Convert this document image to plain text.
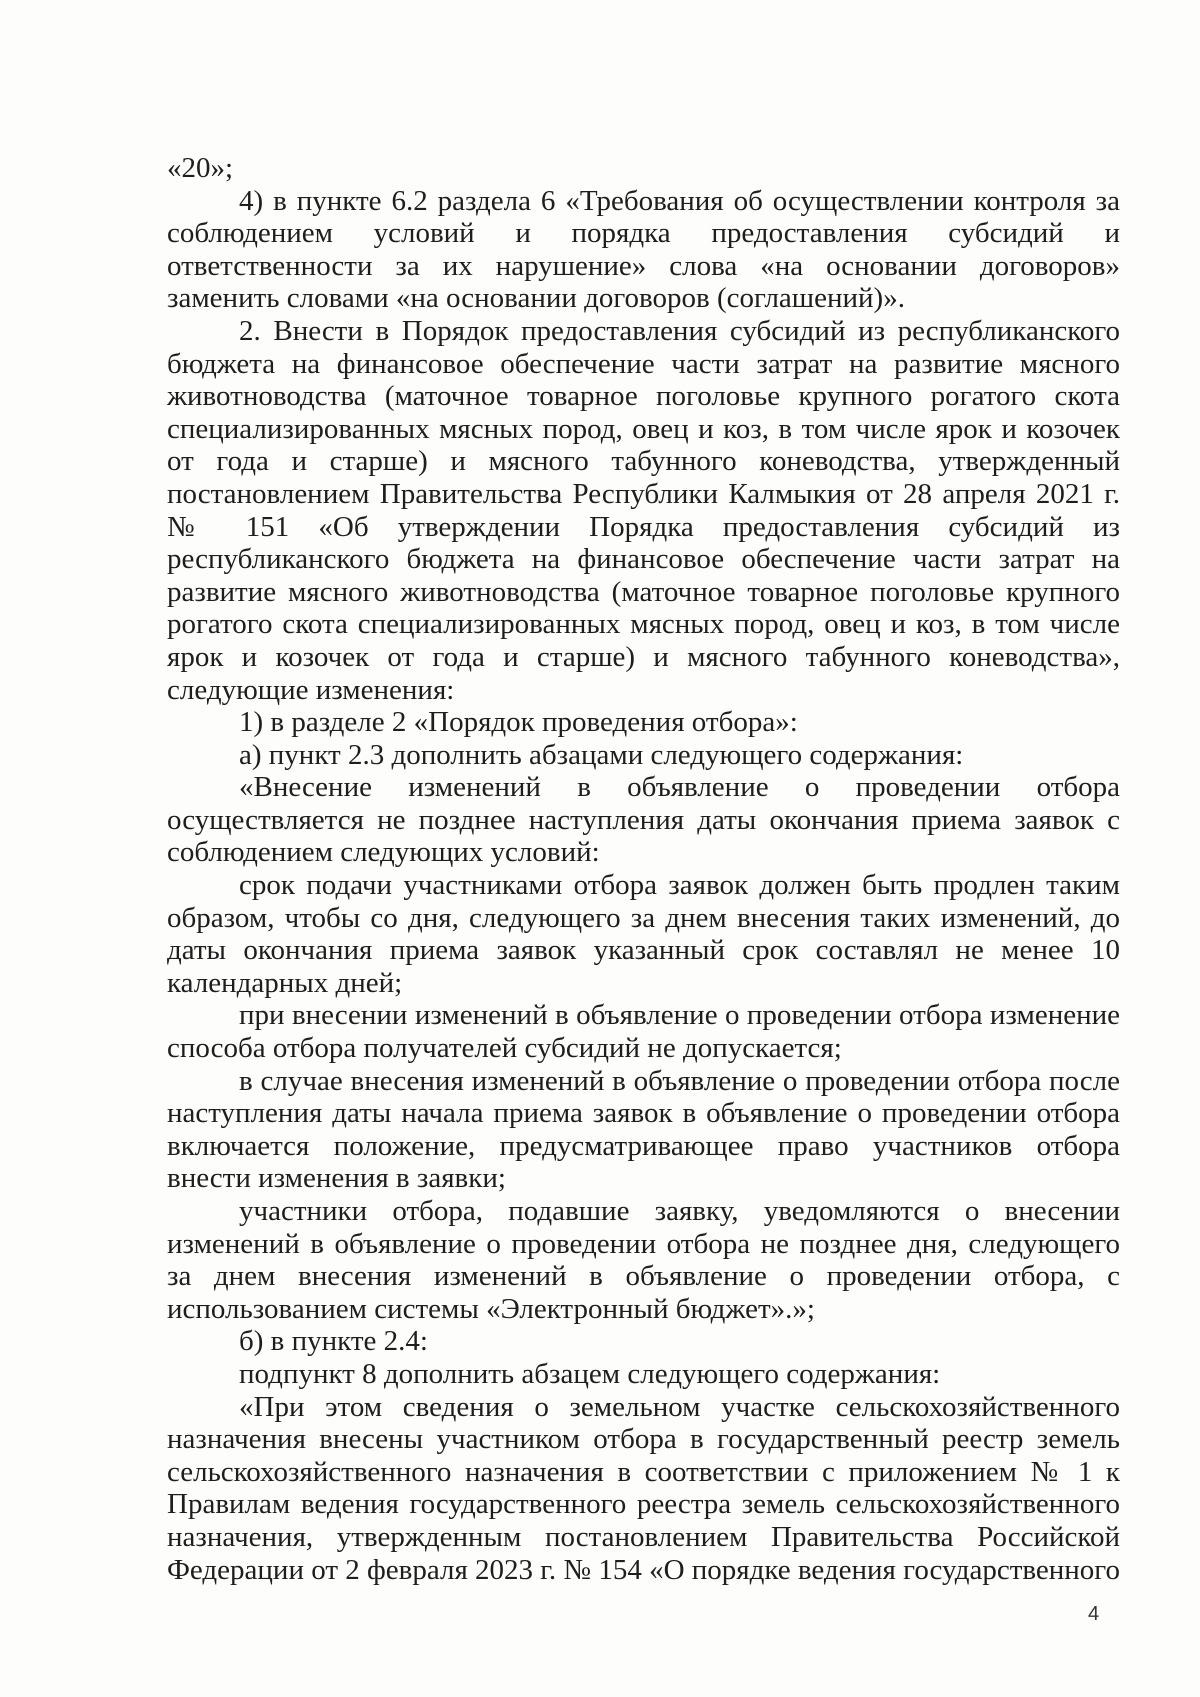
«20»;

4) в пункте 6.2 раздела 6 «Требования об осуществлении контроля за соблюдением условий и порядка предоставления субсидий и ответственности за их нарушение» слова «на основании договоров» заменить словами «на основании договоров (соглашений)».

2. Внести в Порядок предоставления субсидий из республиканского бюджета на финансовое обеспечение части затрат на развитие мясного животноводства (маточное товарное поголовье крупного рогатого скота специализированных мясных пород, овец и коз, в том числе ярок и козочек от года и старше) и мясного табунного коневодства, утвержденный постановлением Правительства Республики Калмыкия от 28 апреля 2021 г. № 151 «Об утверждении Порядка предоставления субсидий из республиканского бюджета на финансовое обеспечение части затрат на развитие мясного животноводства (маточное товарное поголовье крупного рогатого скота специализированных мясных пород, овец и коз, в том числе ярок и козочек от года и старше) и мясного табунного коневодства», следующие изменения:

1) в разделе 2 «Порядок проведения отбора»:

а) пункт 2.3 дополнить абзацами следующего содержания:

«Внесение изменений в объявление о проведении отбора осуществляется не позднее наступления даты окончания приема заявок с соблюдением следующих условий:

срок подачи участниками отбора заявок должен быть продлен таким образом, чтобы со дня, следующего за днем внесения таких изменений, до даты окончания приема заявок указанный срок составлял не менее 10 календарных дней;

при внесении изменений в объявление о проведении отбора изменение способа отбора получателей субсидий не допускается;

в случае внесения изменений в объявление о проведении отбора после наступления даты начала приема заявок в объявление о проведении отбора включается положение, предусматривающее право участников отбора внести изменения в заявки;

участники отбора, подавшие заявку, уведомляются о внесении изменений в объявление о проведении отбора не позднее дня, следующего за днем внесения изменений в объявление о проведении отбора, с использованием системы «Электронный бюджет».»;

б) в пункте 2.4:

подпункт 8 дополнить абзацем следующего содержания:

«При этом сведения о земельном участке сельскохозяйственного назначения внесены участником отбора в государственный реестр земель сельскохозяйственного назначения в соответствии с приложением № 1 к Правилам ведения государственного реестра земель сельскохозяйственного назначения, утвержденным постановлением Правительства Российской Федерации от 2 февраля 2023 г. № 154 «О порядке ведения государственного

4
